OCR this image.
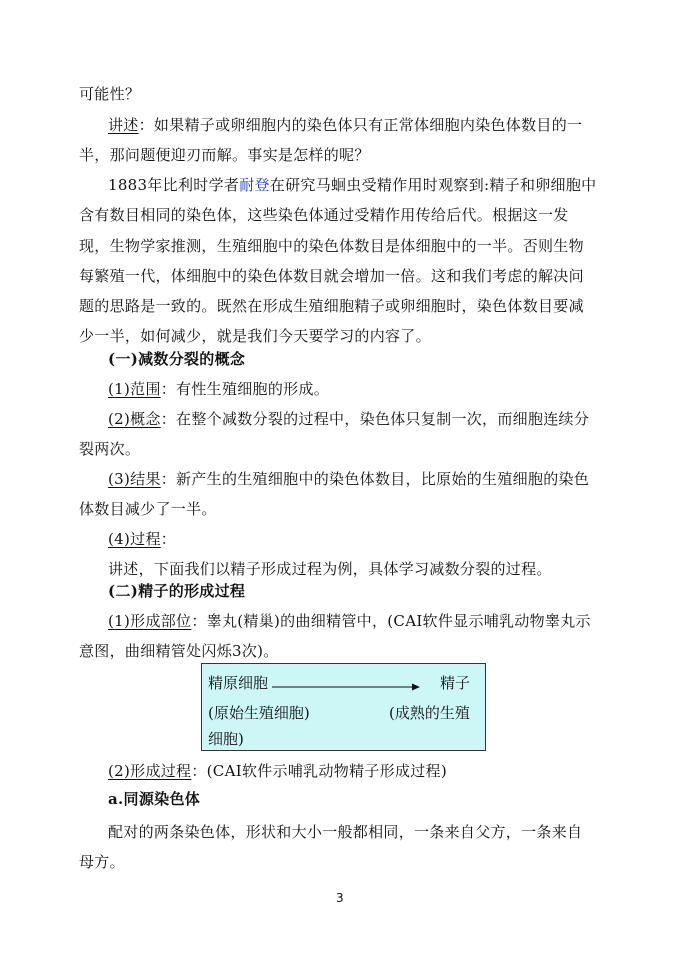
可能性？
讲述：如果精子或卵细胞内的染色体只有正常体细胞内染色体数目的一
半，那问题便迎刃而解。事实是怎样的呢？
1883年比利时学者耐登在研究马蛔虫受精作用时观察到:精子和卵细胞中
含有数目相同的染色体，这些染色体通过受精作用传给后代。根据这一发
现，生物学家推测，生殖细胞中的染色体数目是体细胞中的一半。否则生物
每繁殖一代，体细胞中的染色体数目就会增加一倍。这和我们考虑的解决问
题的思路是一致的。既然在形成生殖细胞精子或卵细胞时，染色体数目要减
少一半，如何减少，就是我们今天要学习的内容了。
(一)减数分裂的概念
(1)范围：有性生殖细胞的形成。
(2)概念：在整个减数分裂的过程中，染色体只复制一次，而细胞连续分
裂两次。
(3)结果：新产生的生殖细胞中的染色体数目，比原始的生殖细胞的染色
体数目减少了一半。
(4)过程：
讲述，下面我们以精子形成过程为例，具体学习减数分裂的过程。
(二)精子的形成过程
(1)形成部位：睾丸(精巢)的曲细精管中，(CAI软件显示哺乳动物睾丸示
意图，曲细精管处闪烁3次)。
精原细胞	精子
(原始生殖细胞)	(成熟的生殖
细胞)
(2)形成过程：(CAI软件示哺乳动物精子形成过程)
a.同源染色体
配对的两条染色体，形状和大小一般都相同，一条来自父方，一条来自
母方。
3
